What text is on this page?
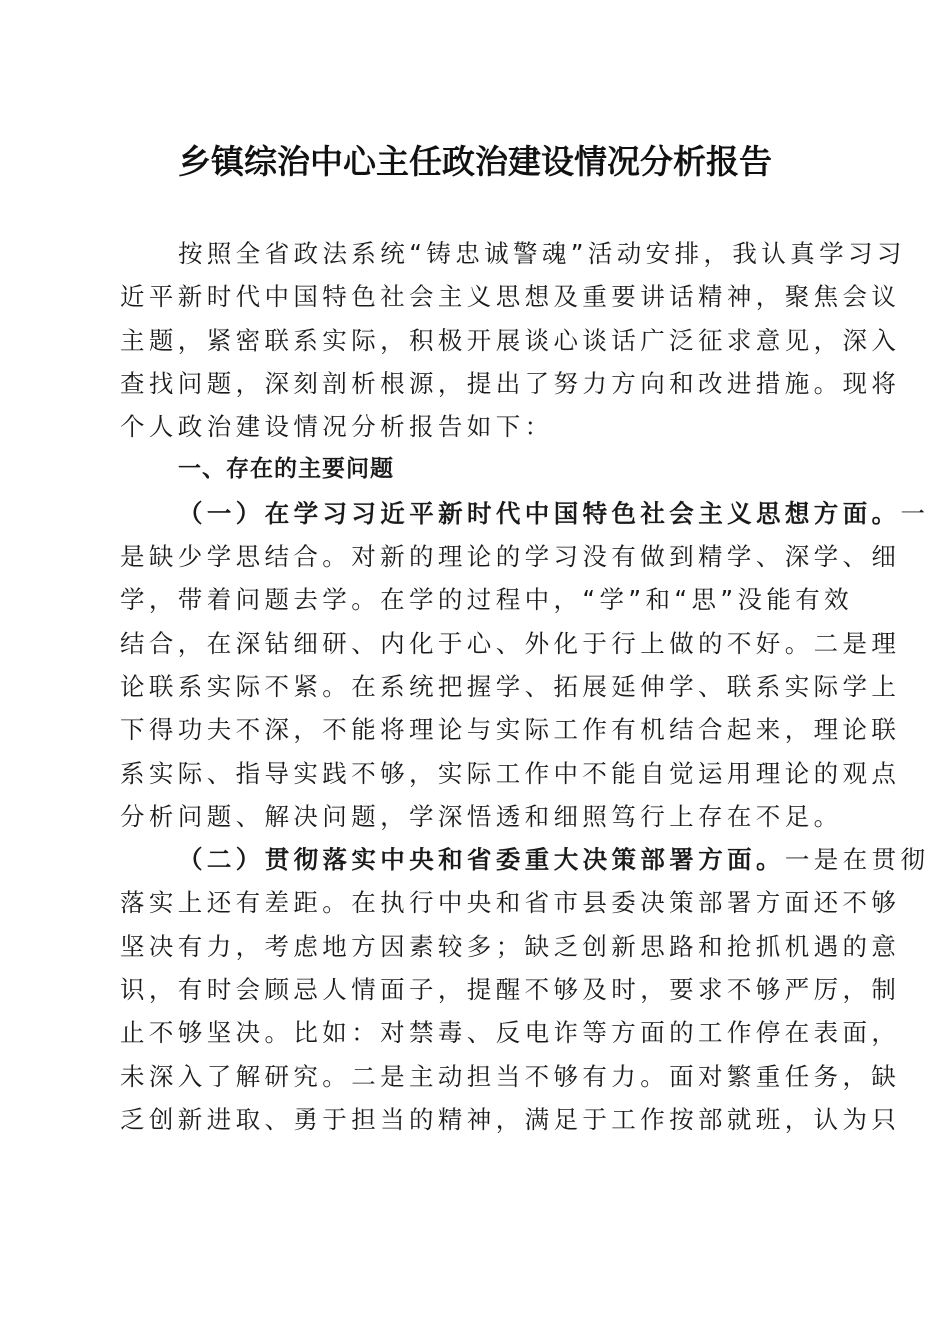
乡镇综治中心主任政治建设情况分析报告
按照全省政法系统“铸忠诚警魂”活动安排，我认真学习习
近平新时代中国特色社会主义思想及重要讲话精神，聚焦会议
主题，紧密联系实际，积极开展谈心谈话广泛征求意见，深入
查找问题，深刻剖析根源，提出了努力方向和改进措施。现将
个人政治建设情况分析报告如下：
一、存在的主要问题
（一）在学习习近平新时代中国特色社会主义思想方面。一
是缺少学思结合。对新的理论的学习没有做到精学、深学、细
学，带着问题去学。在学的过程中，“学”和“思”没能有效
结合，在深钻细研、内化于心、外化于行上做的不好。二是理
论联系实际不紧。在系统把握学、拓展延伸学、联系实际学上
下得功夫不深，不能将理论与实际工作有机结合起来，理论联
系实际、指导实践不够，实际工作中不能自觉运用理论的观点
分析问题、解决问题，学深悟透和细照笃行上存在不足。
（二）贯彻落实中央和省委重大决策部署方面。一是在贯彻
落实上还有差距。在执行中央和省市县委决策部署方面还不够
坚决有力，考虑地方因素较多；缺乏创新思路和抢抓机遇的意
识，有时会顾忌人情面子，提醒不够及时，要求不够严厉，制
止不够坚决。比如：对禁毒、反电诈等方面的工作停在表面，
未深入了解研究。二是主动担当不够有力。面对繁重任务，缺
乏创新进取、勇于担当的精神，满足于工作按部就班，认为只
